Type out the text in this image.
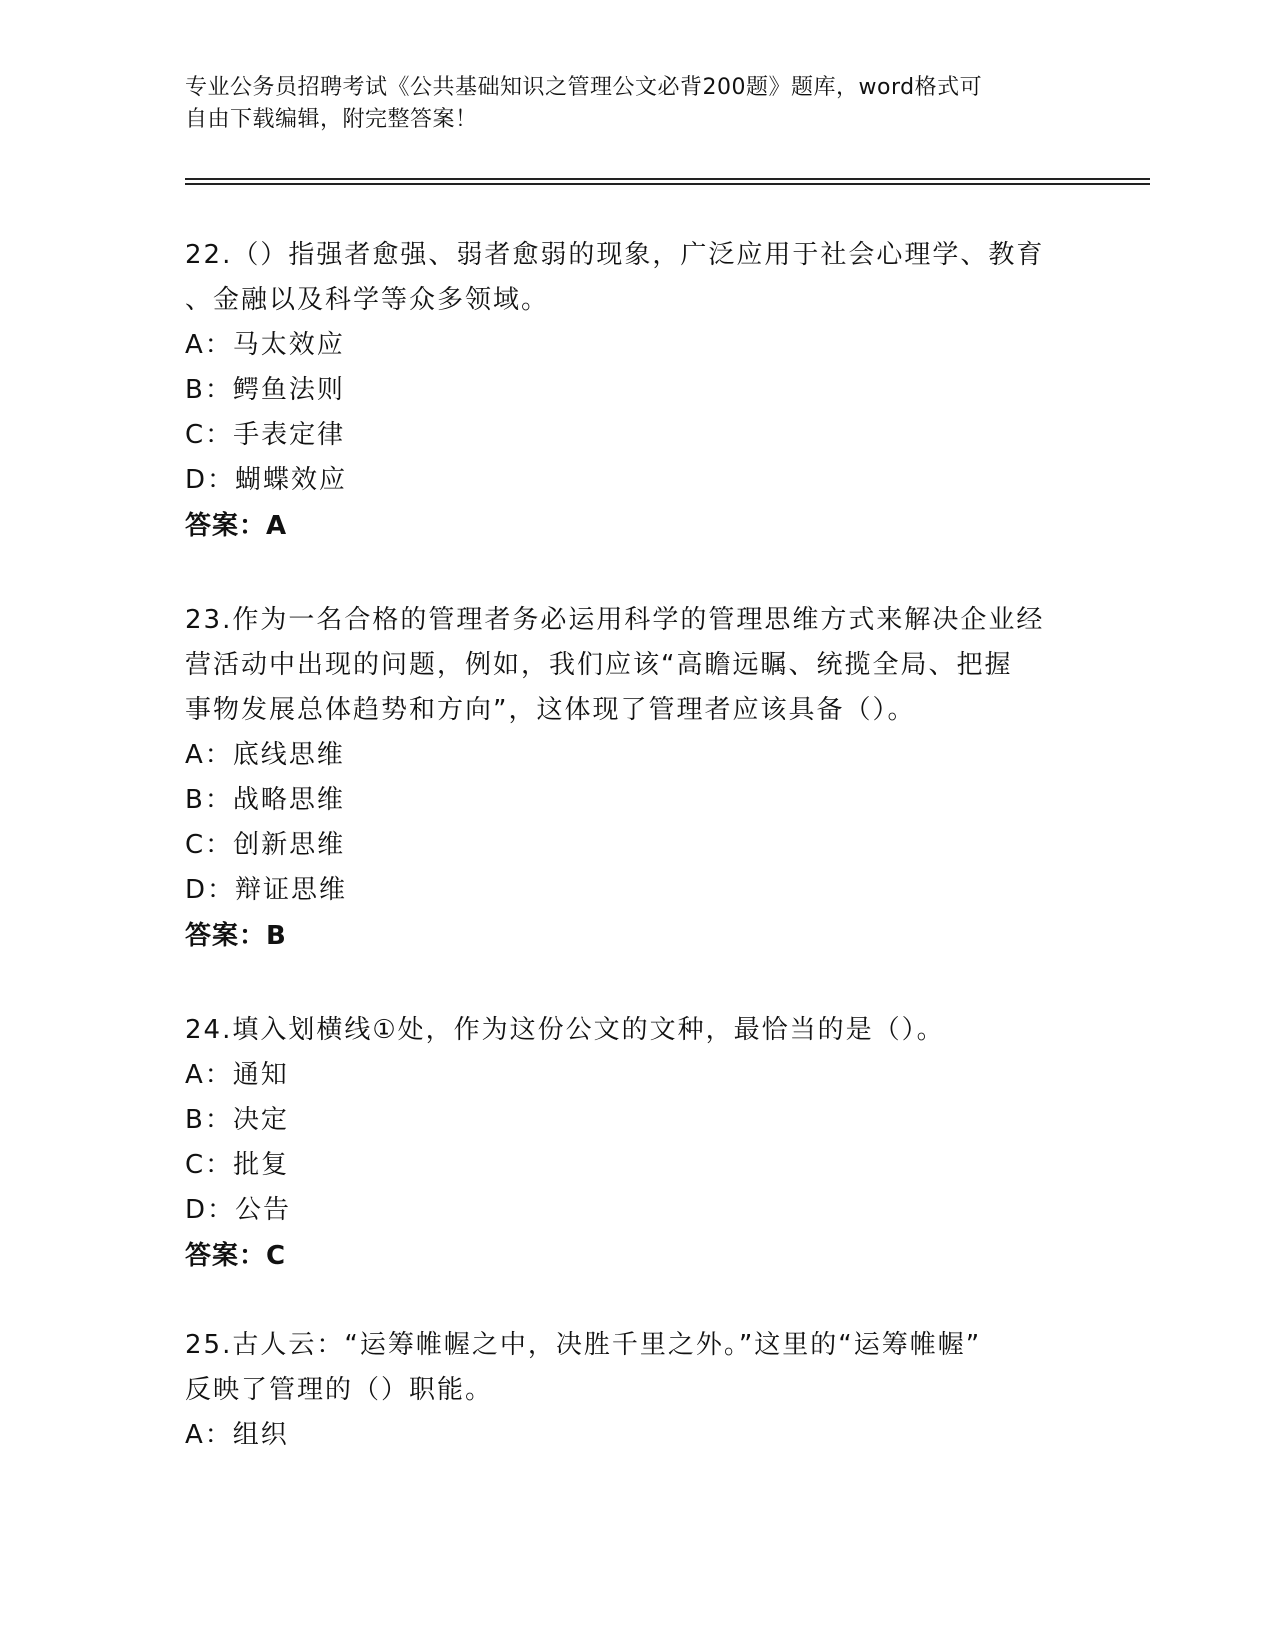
专业公务员招聘考试《公共基础知识之管理公文必背200题》题库，word格式可
自由下载编辑，附完整答案！

22.（）指强者愈强、弱者愈弱的现象，广泛应用于社会心理学、教育

、金融以及科学等众多领域。

A：马太效应

B：鳄鱼法则

C：手表定律

D：蝴蝶效应

答案：A

23.作为一名合格的管理者务必运用科学的管理思维方式来解决企业经

营活动中出现的问题，例如，我们应该“高瞻远瞩、统揽全局、把握

事物发展总体趋势和方向”，这体现了管理者应该具备（）。

A：底线思维

B：战略思维

C：创新思维

D：辩证思维

答案：B

24.填入划横线①处，作为这份公文的文种，最恰当的是（）。

A：通知

B：决定

C：批复

D：公告

答案：C

25.古人云：“运筹帷幄之中，决胜千里之外。”这里的“运筹帷幄”

反映了管理的（）职能。

A：组织
